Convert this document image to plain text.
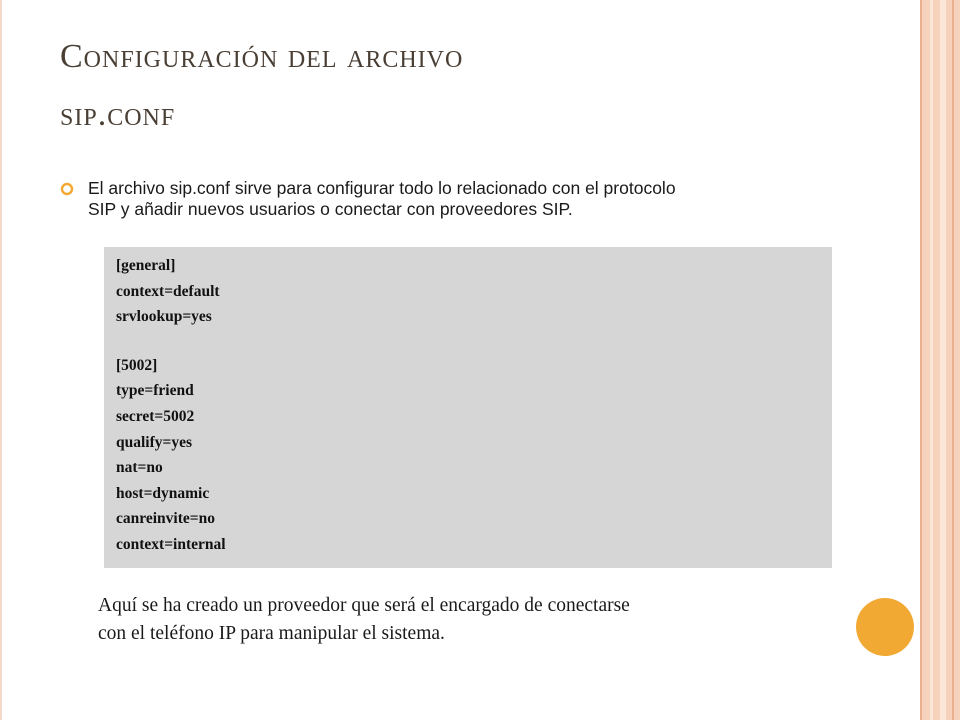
Configuración del archivo
sip.conf
El archivo sip.conf sirve para configurar todo lo relacionado con el protocolo
SIP y añadir nuevos usuarios o conectar con proveedores SIP.
[general]
context=default
srvlookup=yes
[5002]
type=friend
secret=5002
qualify=yes
nat=no
host=dynamic
canreinvite=no
context=internal
Aquí se ha creado un proveedor que será el encargado de conectarse
con el teléfono IP para manipular el sistema.
